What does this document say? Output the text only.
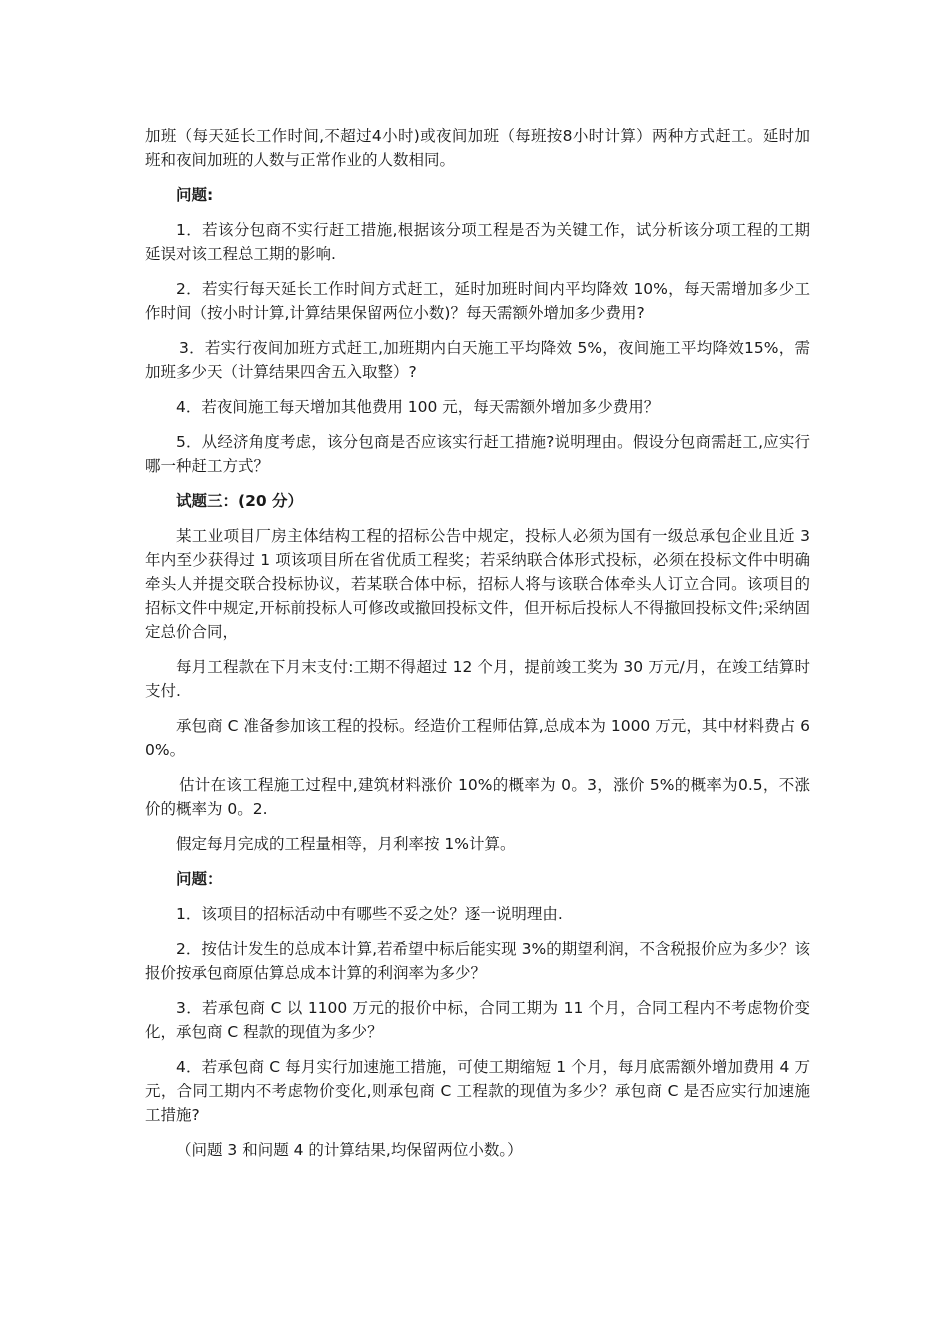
加班（每天延长工作时间,不超过4小时)或夜间加班（每班按8小时计算）两种方式赶工。延时加班和夜间加班的人数与正常作业的人数相同。

问题:

1．若该分包商不实行赶工措施,根据该分项工程是否为关键工作，试分析该分项工程的工期延误对该工程总工期的影响.

2．若实行每天延长工作时间方式赶工，延时加班时间内平均降效 10%，每天需增加多少工作时间（按小时计算,计算结果保留两位小数)？每天需额外增加多少费用?

3．若实行夜间加班方式赶工,加班期内白天施工平均降效 5%，夜间施工平均降效15%，需加班多少天（计算结果四舍五入取整）?

4．若夜间施工每天增加其他费用 100 元，每天需额外增加多少费用？

5．从经济角度考虑，该分包商是否应该实行赶工措施?说明理由。假设分包商需赶工,应实行哪一种赶工方式？

试题三：(20 分）

某工业项目厂房主体结构工程的招标公告中规定，投标人必须为国有一级总承包企业且近 3 年内至少获得过 1 项该项目所在省优质工程奖；若采纳联合体形式投标，必须在投标文件中明确牵头人并提交联合投标协议，若某联合体中标，招标人将与该联合体牵头人订立合同。该项目的招标文件中规定,开标前投标人可修改或撤回投标文件，但开标后投标人不得撤回投标文件;采纳固定总价合同，

每月工程款在下月末支付:工期不得超过 12 个月，提前竣工奖为 30 万元/月，在竣工结算时支付.

承包商 C 准备参加该工程的投标。经造价工程师估算,总成本为 1000 万元，其中材料费占 60%。

估计在该工程施工过程中,建筑材料涨价 10%的概率为 0。3，涨价 5%的概率为0.5，不涨价的概率为 0。2.

假定每月完成的工程量相等，月利率按 1%计算。

问题：

1．该项目的招标活动中有哪些不妥之处？逐一说明理由.

2．按估计发生的总成本计算,若希望中标后能实现 3%的期望利润，不含税报价应为多少？该报价按承包商原估算总成本计算的利润率为多少？

3．若承包商 C 以 1100 万元的报价中标，合同工期为 11 个月，合同工程内不考虑物价变化，承包商 C 程款的现值为多少？

4．若承包商 C 每月实行加速施工措施，可使工期缩短 1 个月，每月底需额外增加费用 4 万元，合同工期内不考虑物价变化,则承包商 C 工程款的现值为多少？承包商 C 是否应实行加速施工措施?

（问题 3 和问题 4 的计算结果,均保留两位小数。）
